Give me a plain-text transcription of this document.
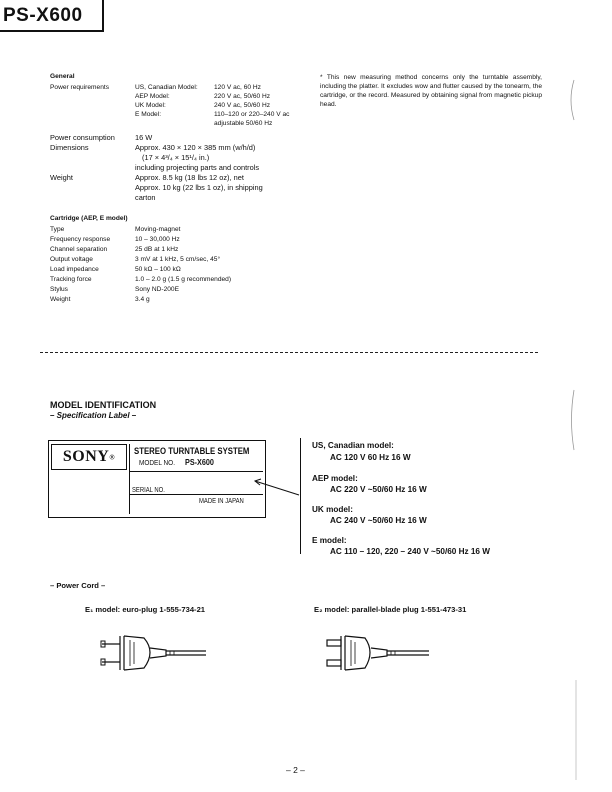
PS-X600
General
Power requirements	US, Canadian Model: 120 V ac, 60 Hz
AEP Model:	220 V ac, 50/60 Hz
UK Model:	240 V ac, 50/60 Hz
E Model:	110–120 or 220–240 V ac
adjustable 50/60 Hz
Power consumption	16 W
Dimensions	Approx. 430 × 120 × 385 mm (w/h/d)
(17 × 4³/₄ × 15¹/₄ in.)
including projecting parts and controls
Weight	Approx. 8.5 kg (18 lbs 12 oz), net
Approx. 10 kg (22 lbs 1 oz), in shipping
carton
Cartridge (AEP, E model)
Type	Moving-magnet
Frequency response	10 – 30,000 Hz
Channel separation	25 dB at 1 kHz
Output voltage	3 mV at 1 kHz, 5 cm/sec, 45°
Load impedance	50 kΩ – 100 kΩ
Tracking force	1.0 – 2.0 g (1.5 g recommended)
Stylus	Sony ND-200E
Weight	3.4 g
* This new measuring method concerns only the turntable assembly, including the platter. It excludes wow and flutter caused by the tonearm, the cartridge, or the record. Measured by obtaining signal from magnetic pickup head.
MODEL IDENTIFICATION
– Specification Label –
SONY®
STEREO TURNTABLE SYSTEM
MODEL NO. PS-X600
SERIAL NO.
MADE IN JAPAN
US, Canadian model:
AC 120 V 60 Hz 16 W
AEP model:
AC 220 V ~50/60 Hz 16 W
UK model:
AC 240 V ~50/60 Hz 16 W
E model:
AC 110 – 120, 220 – 240 V ~50/60 Hz 16 W
– Power Cord –
E₁ model: euro-plug 1-555-734-21	E₂ model: parallel-blade plug 1-551-473-31
– 2 –
